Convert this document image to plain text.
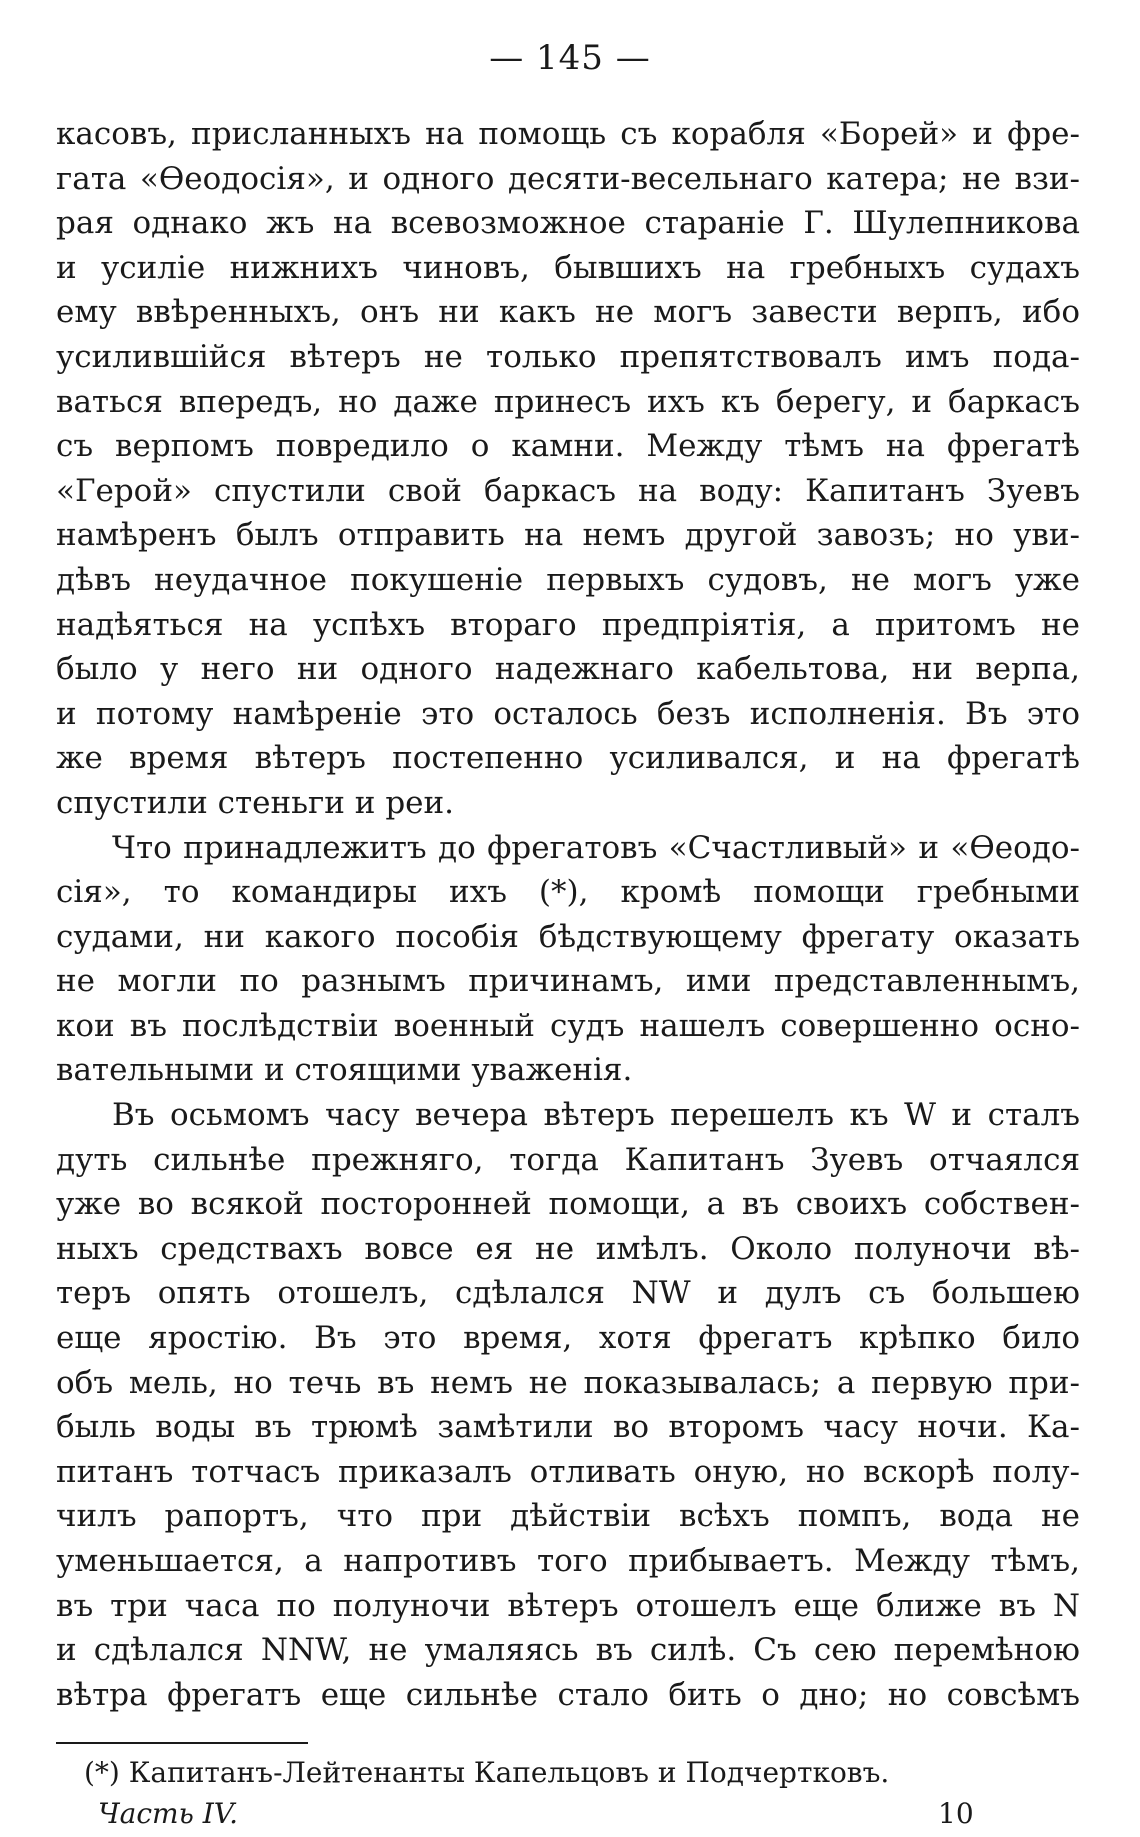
— 145 —
касовъ, присланныхъ на помощь съ корабля «Борей» и фре-
гата «Өеодосія», и одного десяти-весельнаго катера; не взи-
рая однако жъ на всевозможное стараніе Г. Шулепникова
и усиліе нижнихъ чиновъ, бывшихъ на гребныхъ судахъ
ему ввѣренныхъ, онъ ни какъ не могъ завести верпъ, ибо
усилившійся вѣтеръ не только препятствовалъ имъ пода-
ваться впередъ, но даже принесъ ихъ къ берегу, и баркасъ
съ верпомъ повредило о камни. Между тѣмъ на фрегатѣ
«Герой» спустили свой баркасъ на воду: Капитанъ Зуевъ
намѣренъ былъ отправить на немъ другой завозъ; но уви-
дѣвъ неудачное покушеніе первыхъ судовъ, не могъ уже
надѣяться на успѣхъ втораго предпріятія, а притомъ не
было у него ни одного надежнаго кабельтова, ни верпа,
и потому намѣреніе это осталось безъ исполненія. Въ это
же время вѣтеръ постепенно усиливался, и на фрегатѣ
спустили стеньги и реи.
Что принадлежитъ до фрегатовъ «Счастливый» и «Өеодо-
сія», то командиры ихъ (*), кромѣ помощи гребными
судами, ни какого пособія бѣдствующему фрегату оказать
не могли по разнымъ причинамъ, ими представленнымъ,
кои въ послѣдствіи военный судъ нашелъ совершенно осно-
вательными и стоящими уваженія.
Въ осьмомъ часу вечера вѣтеръ перешелъ къ W и сталъ
дуть сильнѣе прежняго, тогда Капитанъ Зуевъ отчаялся
уже во всякой посторонней помощи, а въ своихъ собствен-
ныхъ средствахъ вовсе ея не имѣлъ. Около полуночи вѣ-
теръ опять отошелъ, сдѣлался NW и дулъ съ большею
еще яростію. Въ это время, хотя фрегатъ крѣпко било
объ мель, но течь въ немъ не показывалась; а первую при-
быль воды въ трюмѣ замѣтили во второмъ часу ночи. Ка-
питанъ тотчасъ приказалъ отливать оную, но вскорѣ полу-
чилъ рапортъ, что при дѣйствіи всѣхъ помпъ, вода не
уменьшается, а напротивъ того прибываетъ. Между тѣмъ,
въ три часа по полуночи вѣтеръ отошелъ еще ближе въ N
и сдѣлался NNW, не умаляясь въ силѣ. Съ сею перемѣною
вѣтра фрегатъ еще сильнѣе стало бить о дно; но совсѣмъ
(*) Капитанъ-Лейтенанты Капельцовъ и Подчертковъ.
Часть IV.	10
